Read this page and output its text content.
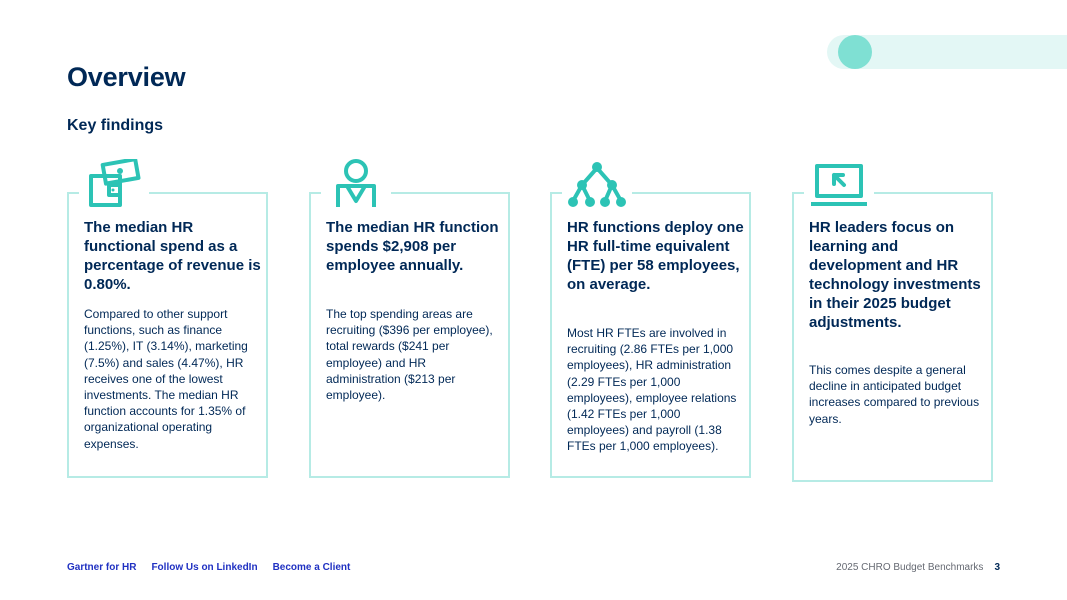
Overview
Key findings

The median HR functional spend as a percentage of revenue is 0.80%.

Compared to other support functions, such as finance (1.25%), IT (3.14%), marketing (7.5%) and sales (4.47%), HR receives one of the lowest investments. The median HR function accounts for 1.35% of organizational operating expenses.

The median HR function spends $2,908 per employee annually.

The top spending areas are recruiting ($396 per employee), total rewards ($241 per employee) and HR administration ($213 per employee).

HR functions deploy one HR full-time equivalent (FTE) per 58 employees, on average.

Most HR FTEs are involved in recruiting (2.86 FTEs per 1,000 employees), HR administration (2.29 FTEs per 1,000 employees), employee relations (1.42 FTEs per 1,000 employees) and payroll (1.38 FTEs per 1,000 employees).

HR leaders focus on learning and development and HR technology investments in their 2025 budget adjustments.

This comes despite a general decline in anticipated budget increases compared to previous years.

Gartner for HR Follow Us on LinkedIn Become a Client	2025 CHRO Budget Benchmarks 3
